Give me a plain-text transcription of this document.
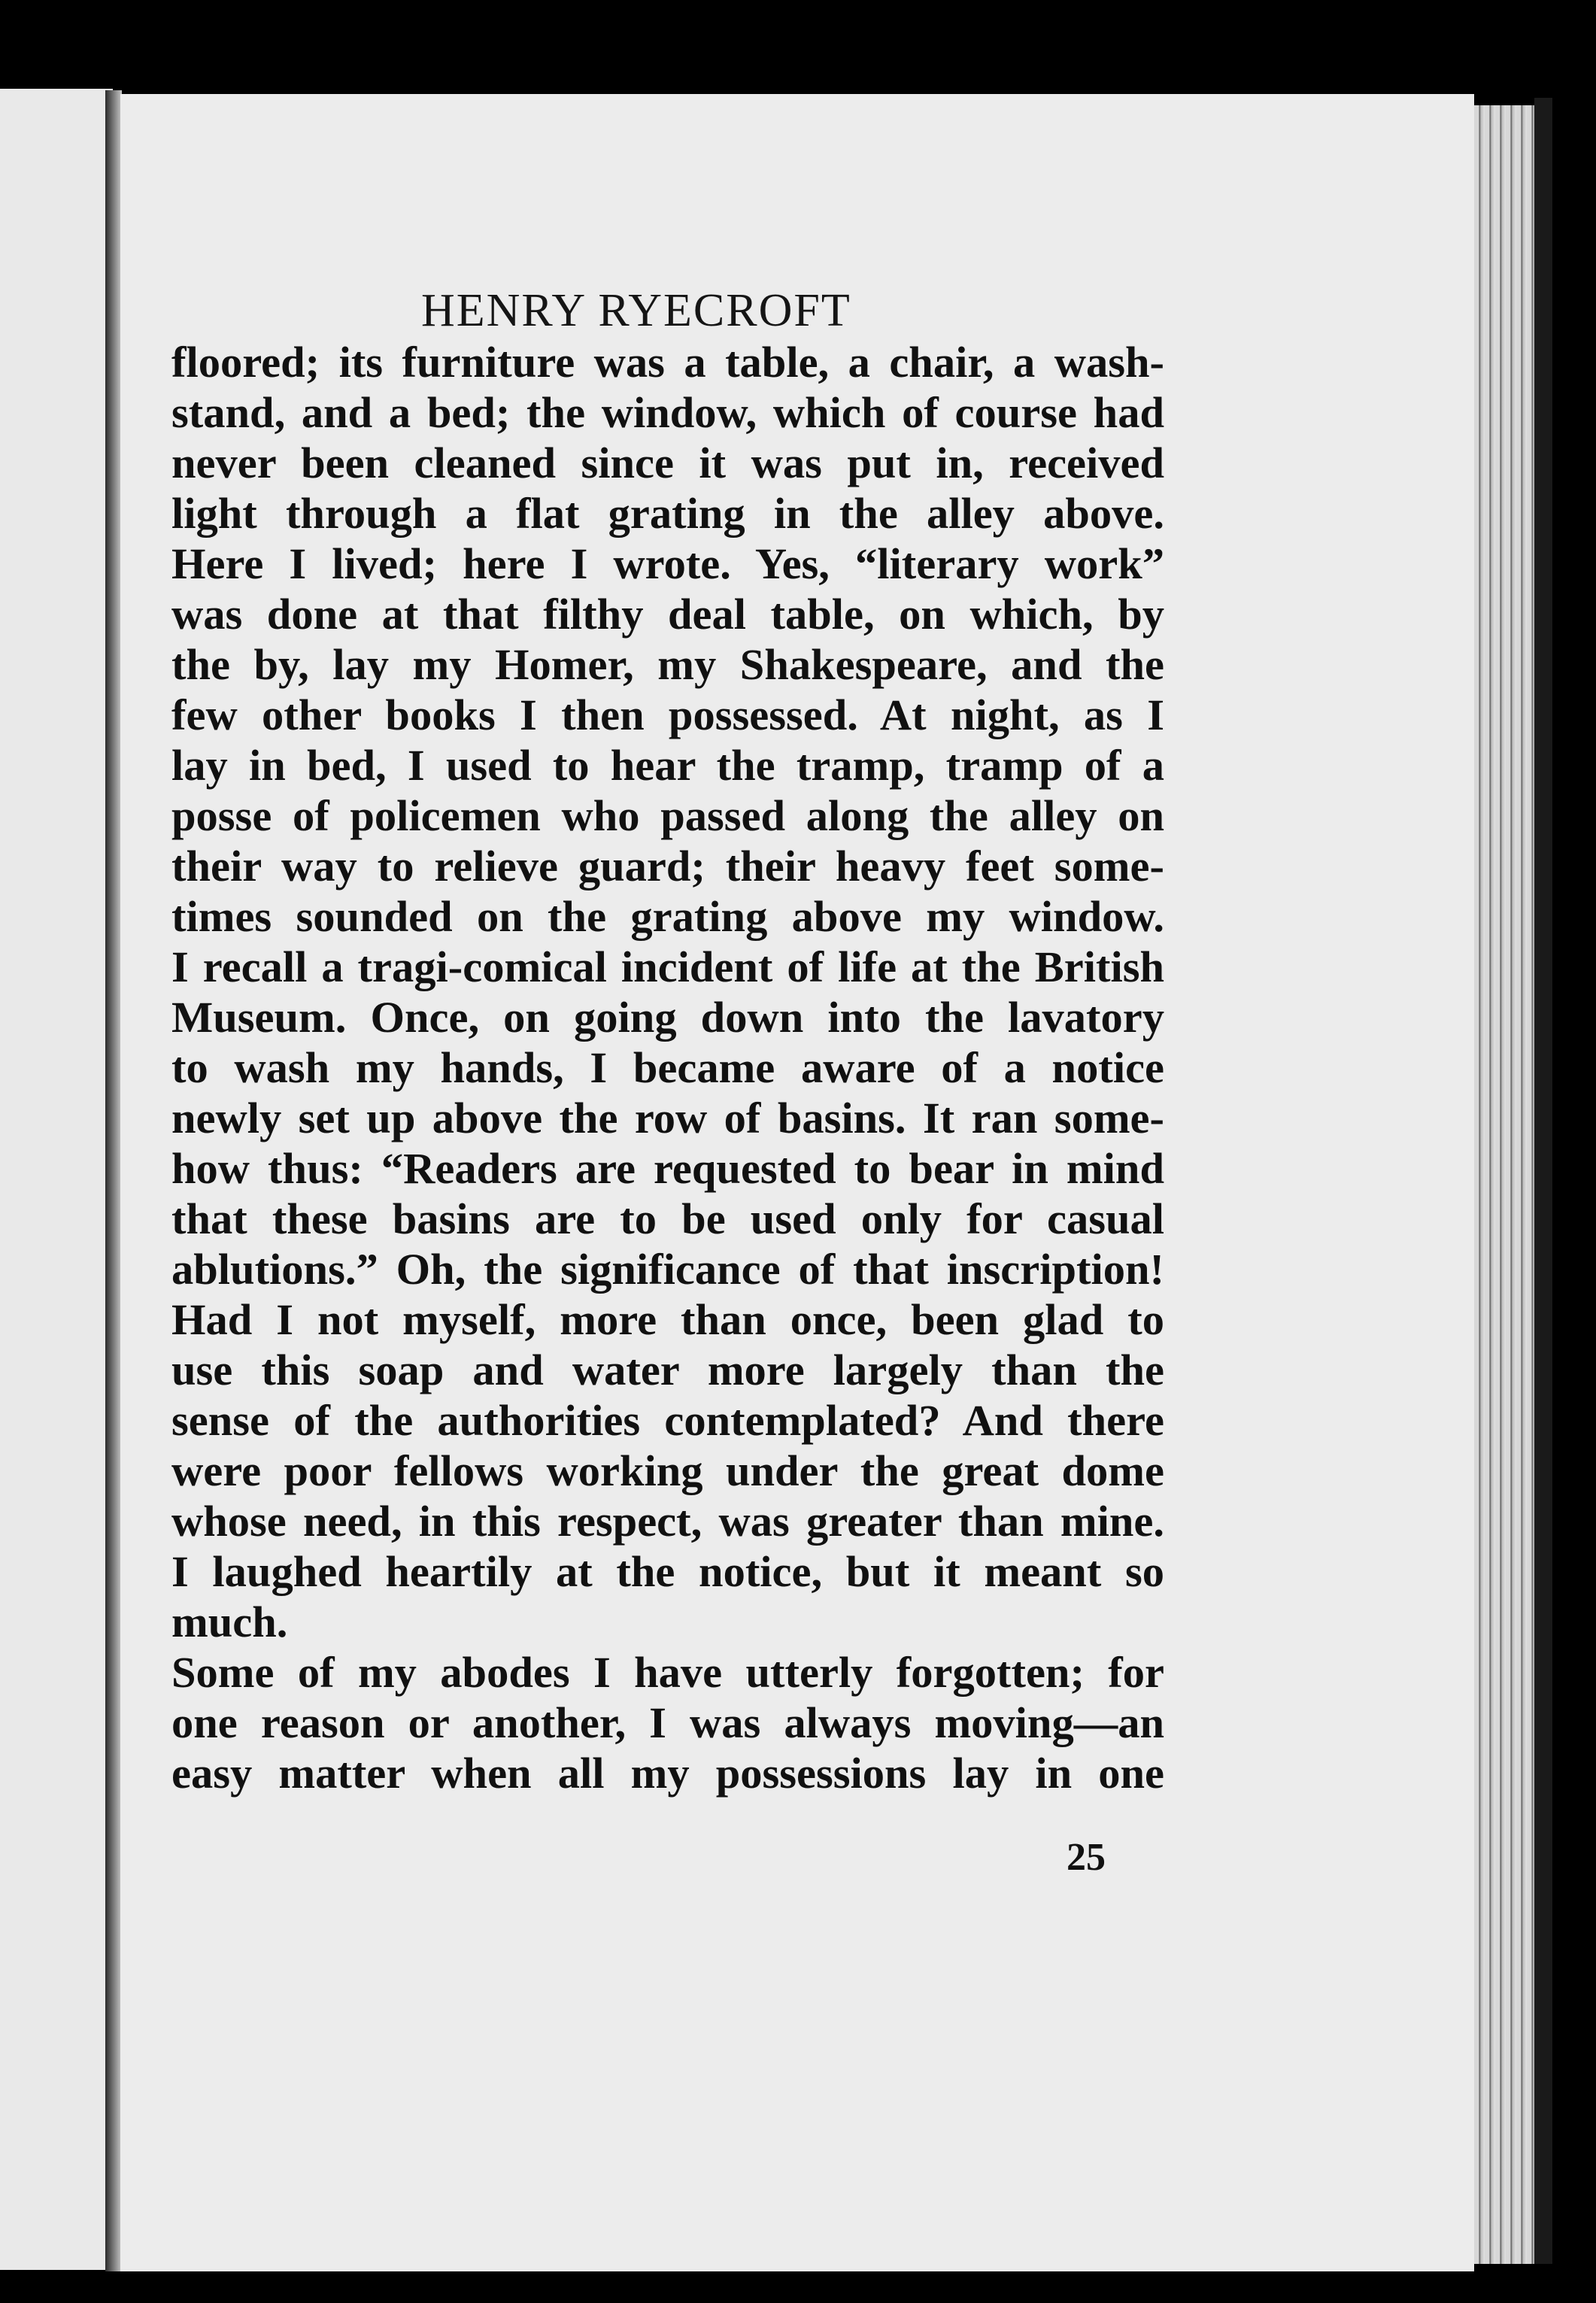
HENRY RYECROFT
floored; its furniture was a table, a chair, a wash-
stand, and a bed; the window, which of course had
never been cleaned since it was put in, received
light through a flat grating in the alley above.
Here I lived; here I wrote. Yes, “literary work”
was done at that filthy deal table, on which, by
the by, lay my Homer, my Shakespeare, and the
few other books I then possessed. At night, as I
lay in bed, I used to hear the tramp, tramp of a
posse of policemen who passed along the alley on
their way to relieve guard; their heavy feet some-
times sounded on the grating above my window.
I recall a tragi-comical incident of life at the British
Museum. Once, on going down into the lavatory
to wash my hands, I became aware of a notice
newly set up above the row of basins. It ran some-
how thus: “Readers are requested to bear in mind
that these basins are to be used only for casual
ablutions.” Oh, the significance of that inscription!
Had I not myself, more than once, been glad to
use this soap and water more largely than the
sense of the authorities contemplated? And there
were poor fellows working under the great dome
whose need, in this respect, was greater than mine.
I laughed heartily at the notice, but it meant so
much.
Some of my abodes I have utterly forgotten; for
one reason or another, I was always moving—an
easy matter when all my possessions lay in one
25
